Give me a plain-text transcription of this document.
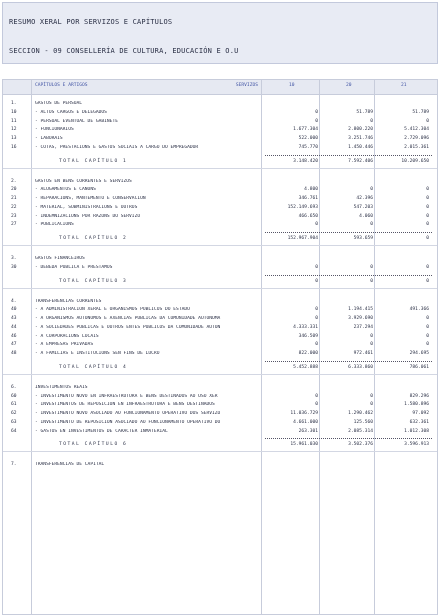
RESUMO XERAL POR SERVIZOS E CAPÍTULOS
SECCION - 09 CONSELLERÍA DE CULTURA, EDUCACIÓN E O.U
CAPÍTULOS E ARTIGOS	SERVIZOS	10	20	21
1.	GASTOS DE PERSOAL
10	- ALTOS CARGOS E DELEGADOS	0	51.789	51.789
11	- PERSOAL EVENTUAL DE GABINETE	0	0	0
12	- FUNCIONARIOS	1.677.304	2.800.220	5.412.304
13	- LABORAIS	522.000	3.251.746	2.729.096
16	- COTAS, PRESTACIÓNS E GASTOS SOCIAIS A CARGO DO EMPREGADOR	745.770	1.450.446	2.015.361
TOTAL CAPÍTULO 1	3.148.420	7.592.406	10.209.650
2.	GASTOS EN BENS CORRENTES E SERVIZOS
20	- ALUGAMENTOS E CANONS	4.800	0	0
21	- REPARACIÓNS, MANTEMENTO E CONSERVACIÓN	346.761	42.396	0
22	- MATERIAL, SUBMINISTRACIÓNS E OUTROS	152.149.693	547.203	0
23	- INDEMNIZACIÓNS POR RAZÓNS DO SERVIZO	466.650	4.060	0
27	- PUBLICACIÓNS	0	0	0
TOTAL CAPÍTULO 2	152.967.904	593.659	0
3.	GASTOS FINANCEIROS
30	- DÉBEDA PÚBLICA E PRÉSTAMOS	0	0	0
TOTAL CAPÍTULO 3	0	0	0
4.	TRANSFERENCIAS CORRENTES
40	- Á ADMINISTRACIÓN XERAL E ORGANISMOS PÚBLICOS DO ESTADO	0	1.194.415	491.366
43	- A ORGANISMOS AUTÓNOMOS E AXENCIAS PÚBLICAS DA COMUNIDADE AUTÓNOMA	0	3.929.690	0
44	- Á SOCIEDADES PÚBLICAS E OUTROS ENTES PÚBLICOS DA COMUNIDADE AUTÓN	4.333.331	237.294	0
46	- A CORPORACIÓNS LOCAIS	346.509	0	0
47	- A EMPRESAS PRIVADAS	0	0	0
48	- A FAMILIAS E INSTITUCIÓNS SEN FINS DE LUCRO	822.000	972.461	294.695
TOTAL CAPÍTULO 4	5.452.888	6.333.860	786.061
6.	INVESTIMENTOS REAIS
60	- INVESTIMENTO NOVO EN INFRAESTRUTURA E BENS DESTINADOS AO USO XER	0	0	829.296
61	- INVESTIMENTOS DE REPOSICIÓN EN INFRAESTRUTURA E BENS DESTINADOS	0	0	1.580.896
62	- INVESTIMENTO NOVO ASOCIADO AO FUNCIONAMENTO OPERATIVO DOS SERVIZO	11.036.729	1.290.462	97.092
63	- INVESTIMENTO DE REPOSICIÓN ASOCIADO AO FUNCIONAMENTO OPERATIVO DO	4.661.000	125.560	632.361
64	- GASTOS EN INVESTIMENTOS DE CARÁCTER INMATERIAL	263.301	2.085.314	1.012.308
TOTAL CAPÍTULO 6	15.961.030	3.502.376	3.596.913
7.	TRANSFERENCIAS DE CAPITAL
